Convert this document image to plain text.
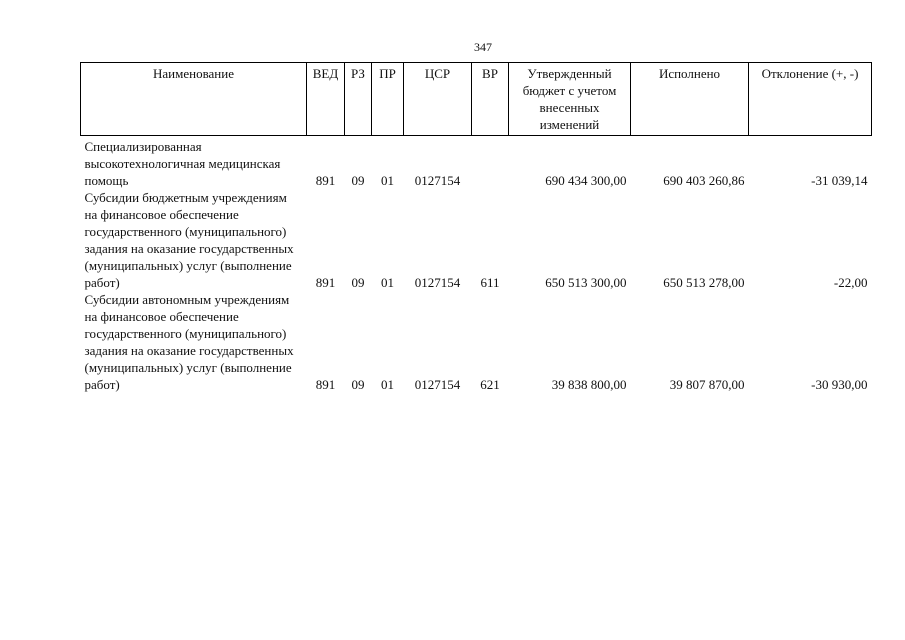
347
Наименование	ВЕД	РЗ	ПР	ЦСР	ВР	Утвержденный бюджет с учетом внесенных изменений	Исполнено	Отклонение (+, -)
Специализированная высокотехнологичная медицинская помощь	891	09	01	0127154		690 434 300,00	690 403 260,86	-31 039,14
Субсидии бюджетным учреждениям на финансовое обеспечение государственного (муниципального) задания на оказание государственных (муниципальных) услуг (выполнение работ)	891	09	01	0127154	611	650 513 300,00	650 513 278,00	-22,00
Субсидии автономным учреждениям на финансовое обеспечение государственного (муниципального) задания на оказание государственных (муниципальных) услуг (выполнение работ)	891	09	01	0127154	621	39 838 800,00	39 807 870,00	-30 930,00
